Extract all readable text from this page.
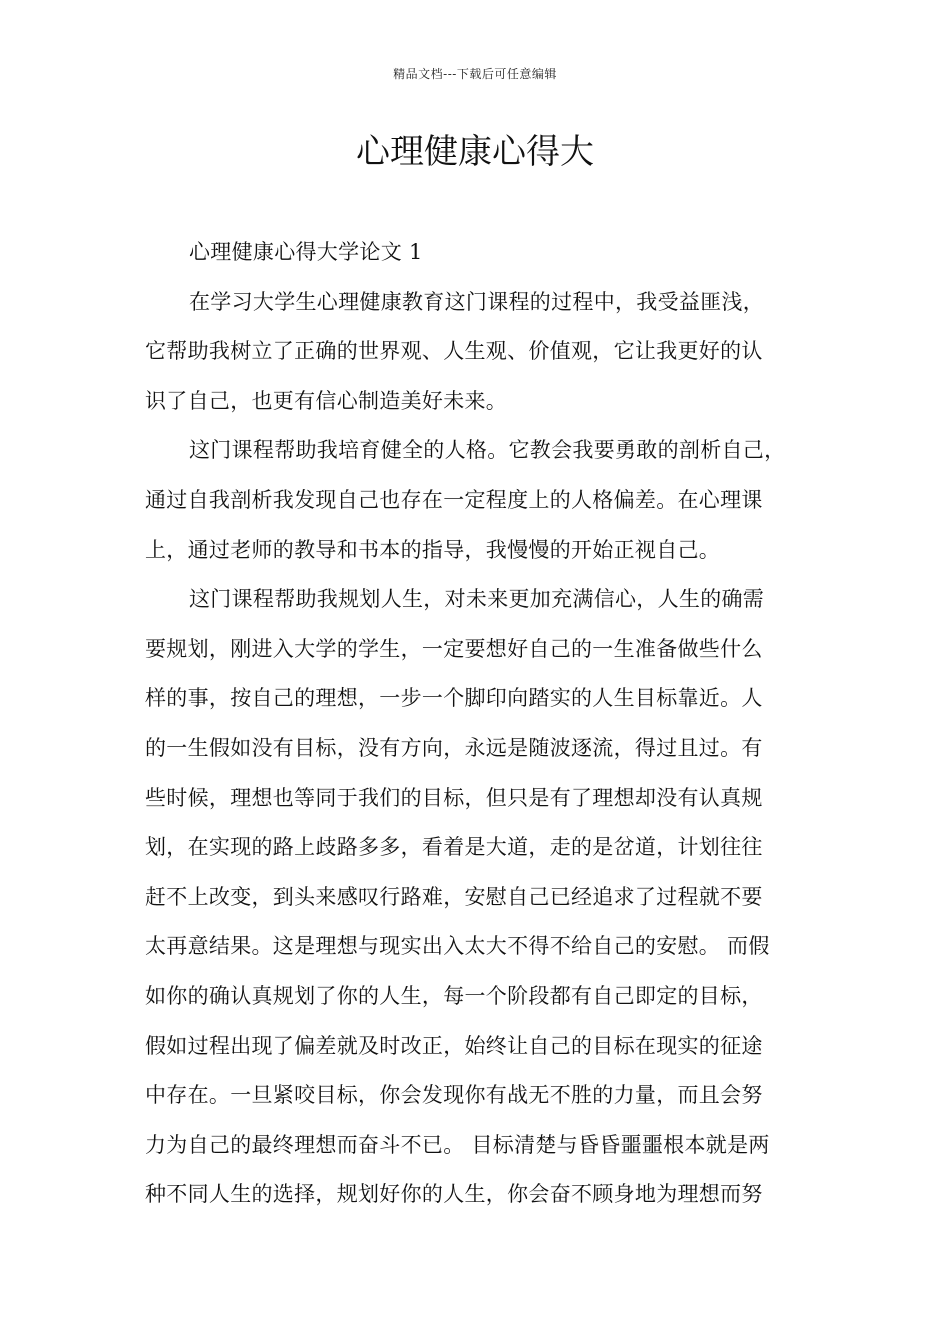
精品文档---下载后可任意编辑
心理健康心得大
心理健康心得大学论文 1
在学习大学生心理健康教育这门课程的过程中，我受益匪浅，
它帮助我树立了正确的世界观、人生观、价值观，它让我更好的认
识了自己，也更有信心制造美好未来。
这门课程帮助我培育健全的人格。它教会我要勇敢的剖析自己，
通过自我剖析我发现自己也存在一定程度上的人格偏差。在心理课
上，通过老师的教导和书本的指导，我慢慢的开始正视自己。
这门课程帮助我规划人生，对未来更加充满信心，人生的确需
要规划，刚进入大学的学生，一定要想好自己的一生准备做些什么
样的事，按自己的理想，一步一个脚印向踏实的人生目标靠近。人
的一生假如没有目标，没有方向，永远是随波逐流，得过且过。有
些时候，理想也等同于我们的目标，但只是有了理想却没有认真规
划，在实现的路上歧路多多，看着是大道，走的是岔道，计划往往
赶不上改变，到头来感叹行路难，安慰自己已经追求了过程就不要
太再意结果。这是理想与现实出入太大不得不给自己的安慰。 而假
如你的确认真规划了你的人生，每一个阶段都有自己即定的目标，
假如过程出现了偏差就及时改正，始终让自己的目标在现实的征途
中存在。一旦紧咬目标，你会发现你有战无不胜的力量，而且会努
力为自己的最终理想而奋斗不已。 目标清楚与昏昏噩噩根本就是两
种不同人生的选择，规划好你的人生，你会奋不顾身地为理想而努
